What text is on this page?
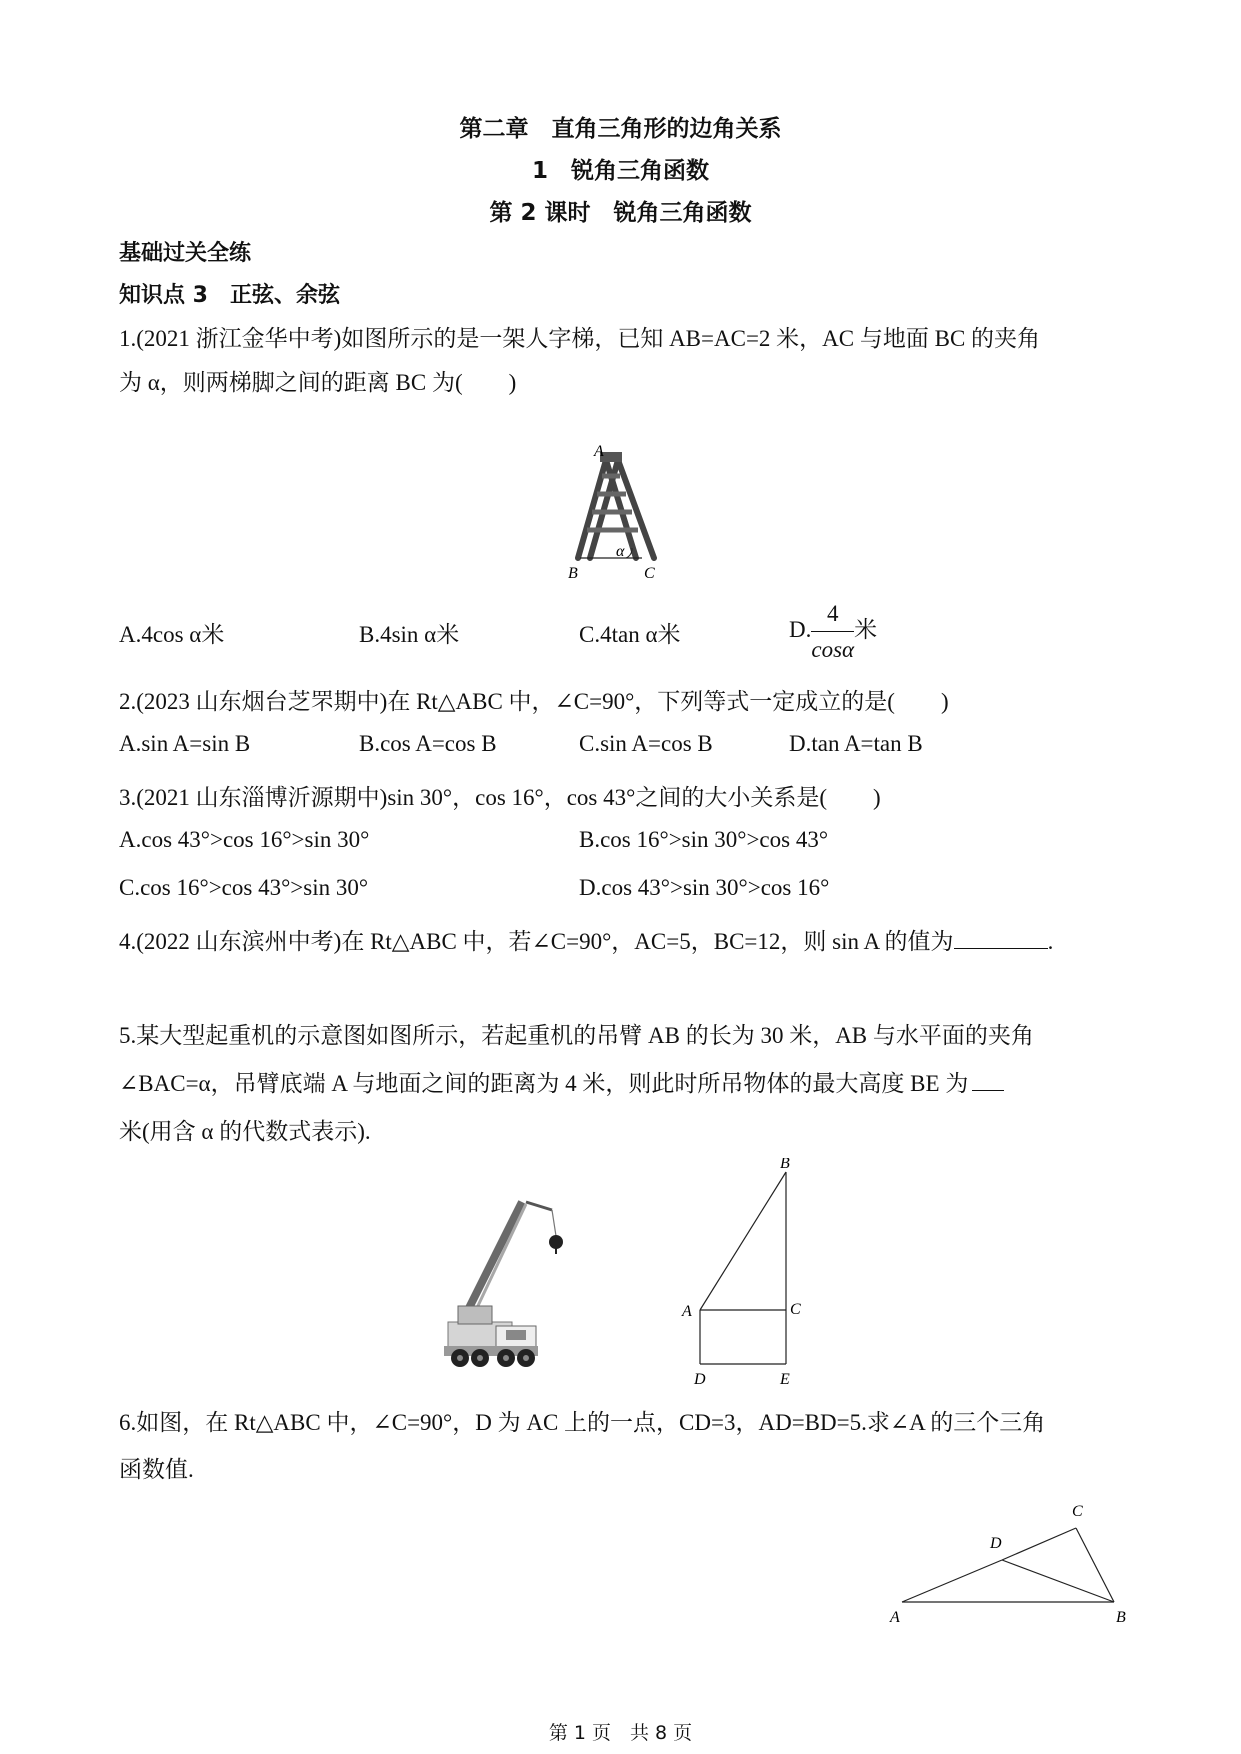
第二章　直角三角形的边角关系
1　锐角三角函数
第 2 课时　锐角三角函数
基础过关全练
知识点 3　正弦、余弦
1.(2021 浙江金华中考)如图所示的是一架人字梯，已知 AB=AC=2 米，AC 与地面 BC 的夹角
为 α，则两梯脚之间的距离 BC 为(　　)
A
B	C
α
A.4cos α米	B.4sin α米	C.4tan α米	D. $\frac{4}{\cos\alpha}$ 米
2.(2023 山东烟台芝罘期中)在 Rt△ABC 中，∠C=90°，下列等式一定成立的是(　　)
A.sin A=sin B	B.cos A=cos B	C.sin A=cos B	D.tan A=tan B
3.(2021 山东淄博沂源期中)sin 30°，cos 16°，cos 43°之间的大小关系是(　　)
A.cos 43°>cos 16°>sin 30°	B.cos 16°>sin 30°>cos 43°
C.cos 16°>cos 43°>sin 30°	D.cos 43°>sin 30°>cos 16°
4.(2022 山东滨州中考)在 Rt△ABC 中，若∠C=90°，AC=5，BC=12，则 sin A 的值为	.
5.某大型起重机的示意图如图所示，若起重机的吊臂 AB 的长为 30 米，AB 与水平面的夹角
∠BAC=α，吊臂底端 A 与地面之间的距离为 4 米，则此时所吊物体的最大高度 BE 为
米(用含 α 的代数式表示).
B
A	C
D	E
6.如图，在 Rt△ABC 中，∠C=90°，D 为 AC 上的一点，CD=3，AD=BD=5.求∠A 的三个三角
函数值.
A	B
C
D
第 1 页　共 8 页
